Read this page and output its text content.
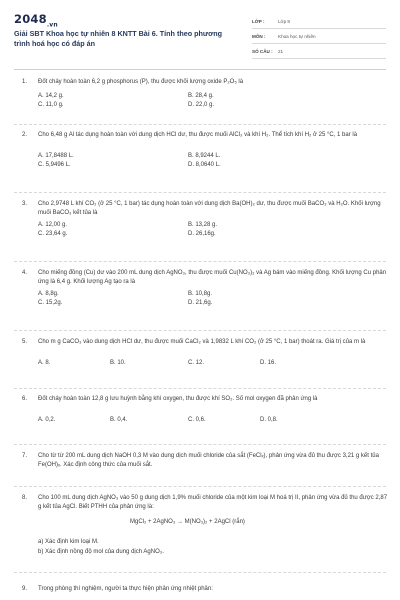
$2048_{.vn}$
Giải SBT Khoa học tự nhiên 8 KNTT Bài 6. Tính theo phương trình hoá học có đáp án
LỚP :	Lớp 8
MÔN :	Khoa học tự nhiên
SỐ CÂU :	21
1.	Đốt cháy hoàn toàn 6,2 g phosphorus (P), thu được khối lượng oxide P₂O₅ là
A. 14,2 g.	B. 28,4 g.
C. 11,0 g.	D. 22,0 g.
2.	Cho 6,48 g Al tác dụng hoàn toàn với dung dịch HCl dư, thu được muối AlCl₃ và khí H₂. Thể tích khí H₂ ở 25 °C, 1 bar là
A. 17,8488 L.	B. 8,9244 L.
C. 5,9496 L.	D. 8,0640 L.
3.	Cho 2,9748 L khí CO₂ (ở 25 °C, 1 bar) tác dụng hoàn toàn với dung dịch Ba(OH)₂ dư, thu được muối BaCO₃ và H₂O. Khối lượng muối BaCO₃ kết tủa là
A. 12,00 g.	B. 13,28 g.
C. 23,64 g.	D. 26,16g.
4.	Cho miếng đồng (Cu) dư vào 200 mL dung dịch AgNO₃, thu được muối Cu(NO₃)₂ và Ag bám vào miếng đồng. Khối lượng Cu phản ứng là 6,4 g. Khối lượng Ag tạo ra là
A. 8,8g.	B. 10,8g.
C. 15,2g.	D. 21,6g.
5.	Cho m g CaCO₃ vào dung dịch HCl dư, thu được muối CaCl₂ và 1,9832 L khí CO₂ (ở 25 °C, 1 bar) thoát ra. Giá trị của m là
A. 8.	B. 10.	C. 12.	D. 16.
6.	Đốt cháy hoàn toàn 12,8 g lưu huỳnh bằng khí oxygen, thu được khí SO₂. Số mol oxygen đã phản ứng là
A. 0,2.	B. 0,4.	C. 0,6.	D. 0,8.
7.	Cho từ từ 200 mL dung dịch NaOH 0,3 M vào dung dịch muối chloride của sắt (FeClₓ), phản ứng vừa đủ thu được 3,21 g kết tủa Fe(OH)ₓ. Xác định công thức của muối sắt.
8.	Cho 100 mL dung dịch AgNO₃ vào 50 g dung dịch 1,9% muối chloride của một kim loại M hoá trị II, phản ứng vừa đủ thu được 2,87 g kết tủa AgCl. Biết PTHH của phản ứng là:
MgCl₂ + 2AgNO₃ → M(NO₃)₂ + 2AgCl (rắn)
a) Xác định kim loại M.
b) Xác định nồng độ mol của dung dịch AgNO₃.
9.	Trong phòng thí nghiệm, người ta thực hiện phản ứng nhiệt phân:
